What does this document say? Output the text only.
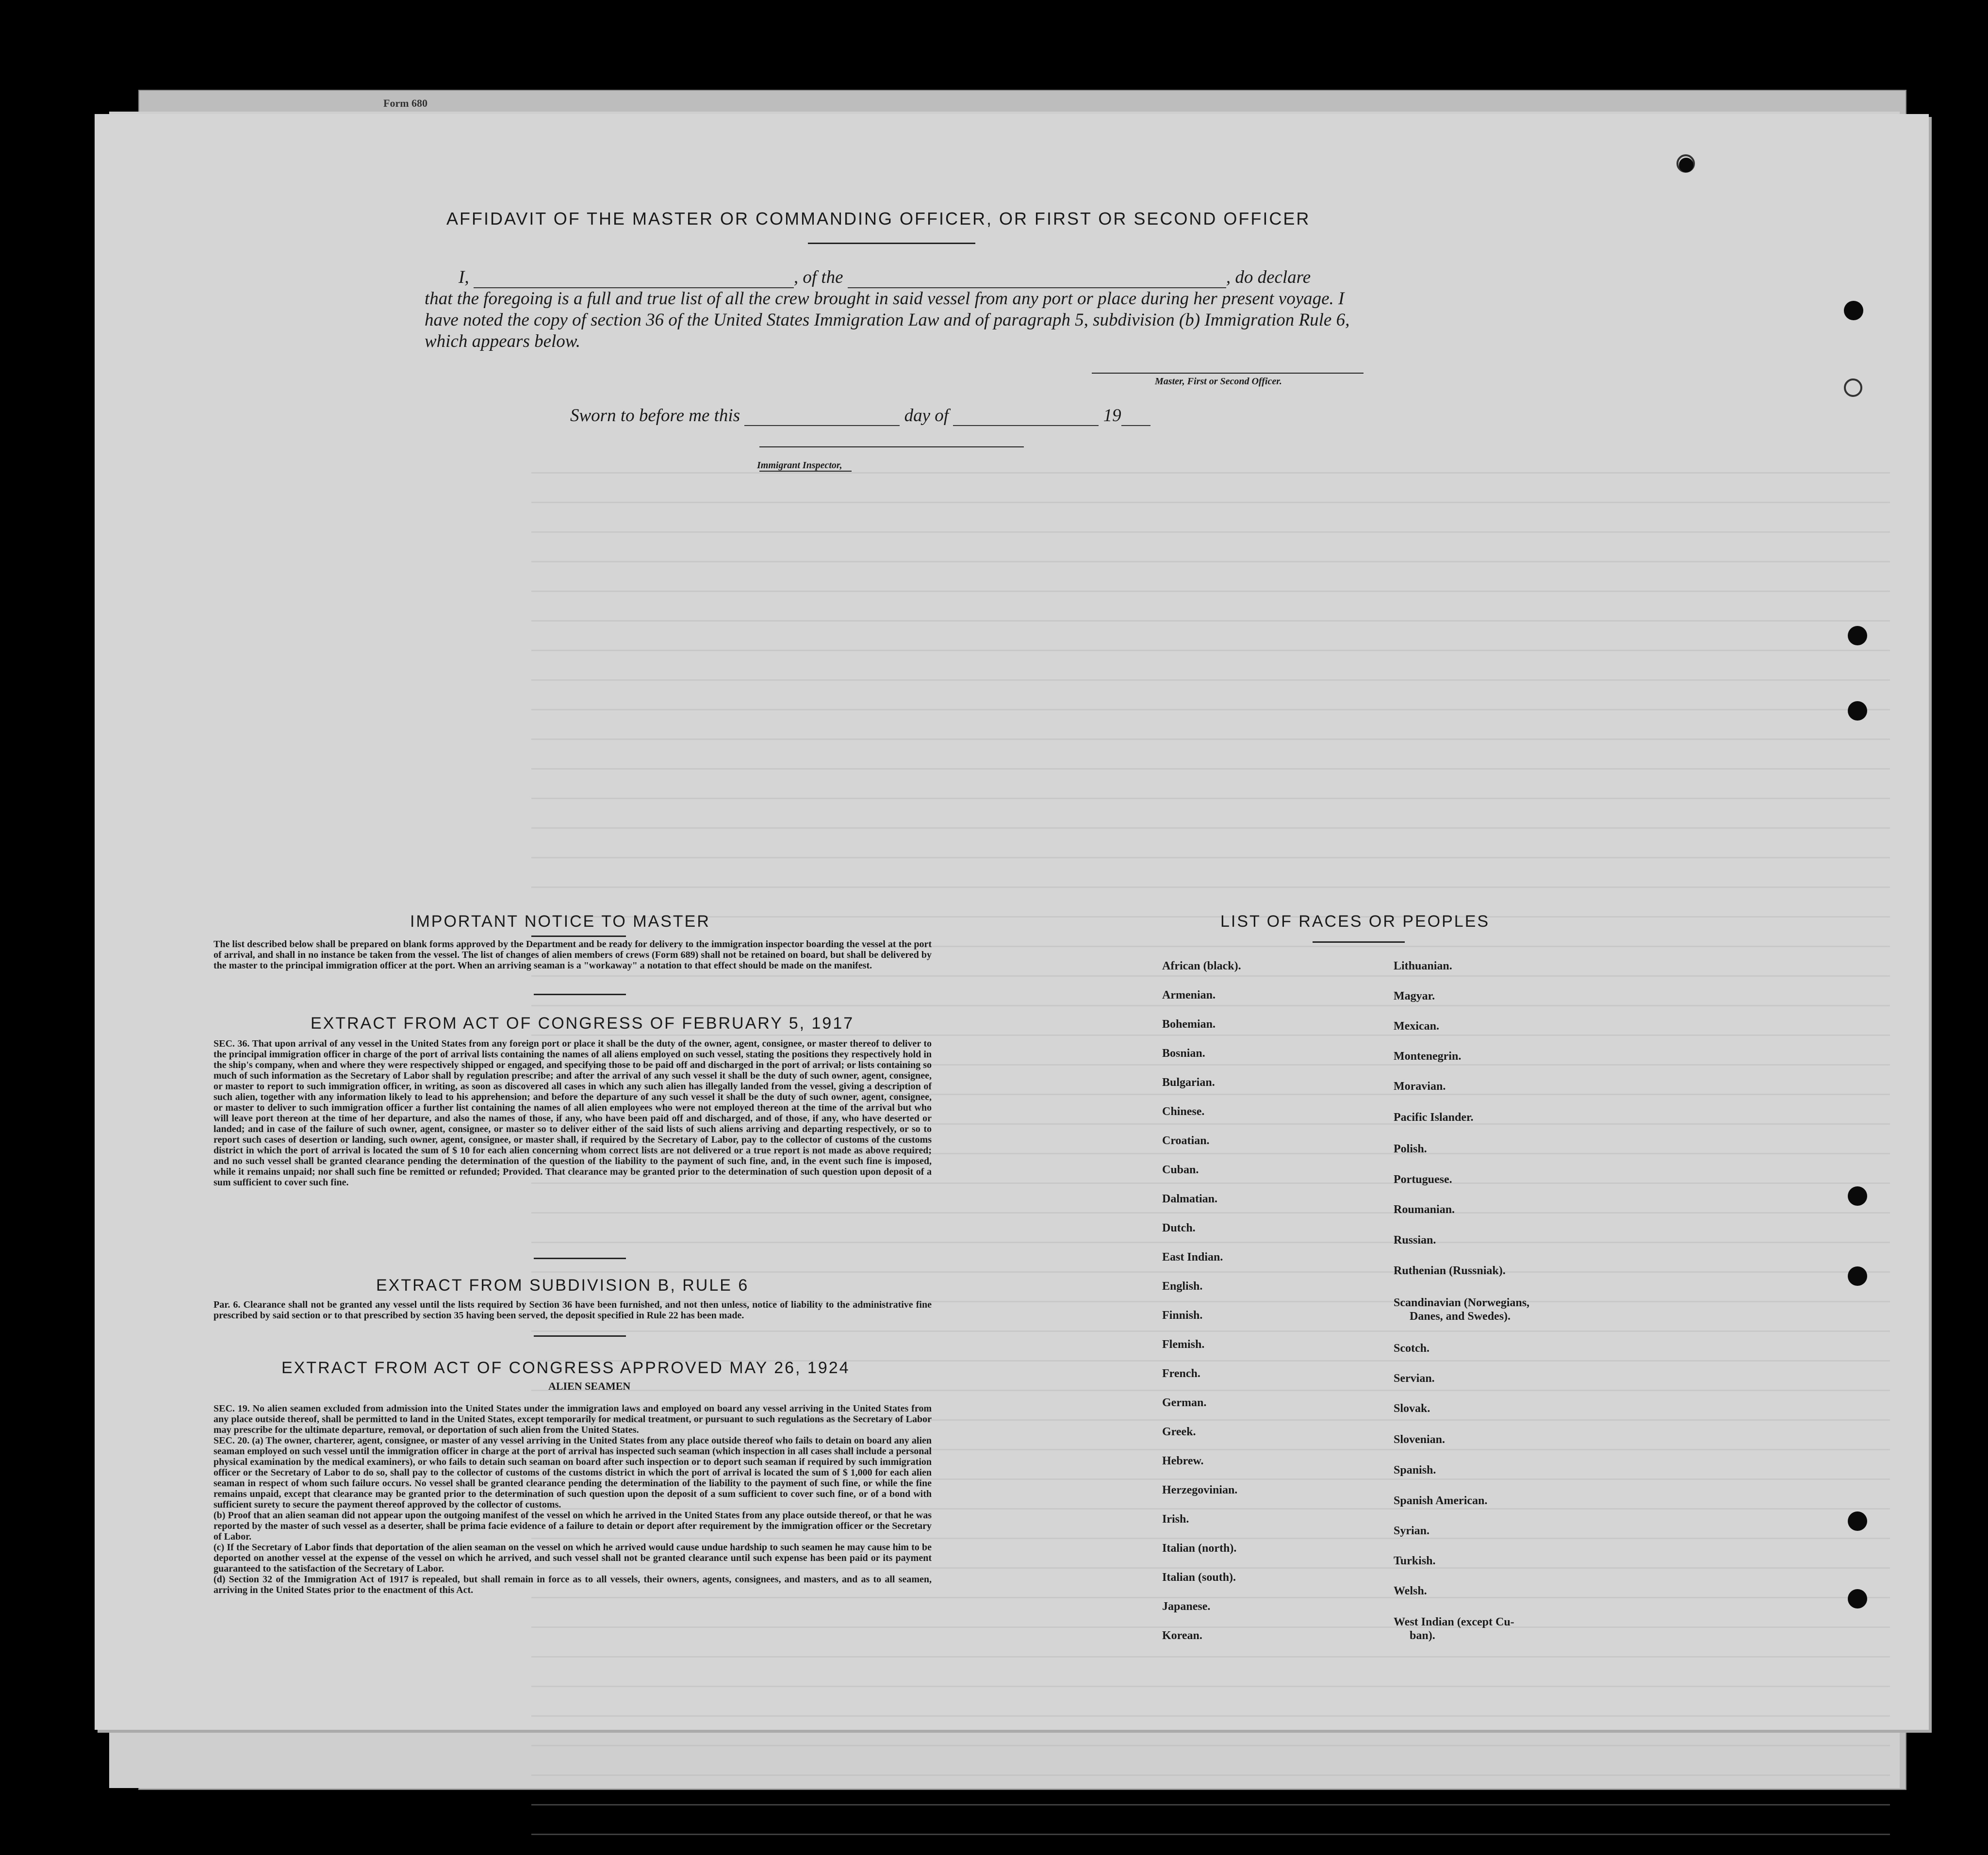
Form 680
AFFIDAVIT OF THE MASTER OR COMMANDING OFFICER, OR FIRST OR SECOND OFFICER
I,	, of the	, do declare
that the foregoing is a full and true list of all the crew brought in said vessel from any port or place during her present voyage. I have noted the copy of section 36 of the United States Immigration Law and of paragraph 5, subdivision (b) Immigration Rule 6, which appears below.
Master, First or Second Officer.
Sworn to before me this	day of	19
Immigrant Inspector,
IMPORTANT NOTICE TO MASTER
The list described below shall be prepared on blank forms approved by the Department and be ready for delivery to the immigration inspector boarding the vessel at the port of arrival, and shall in no instance be taken from the vessel. The list of changes of alien members of crews (Form 689) shall not be retained on board, but shall be delivered by the master to the principal immigration officer at the port. When an arriving seaman is a "workaway" a notation to that effect should be made on the manifest.
EXTRACT FROM ACT OF CONGRESS OF FEBRUARY 5, 1917
SEC. 36. That upon arrival of any vessel in the United States from any foreign port or place it shall be the duty of the owner, agent, consignee, or master thereof to deliver to the principal immigration officer in charge of the port of arrival lists containing the names of all aliens employed on such vessel, stating the positions they respectively hold in the ship's company, when and where they were respectively shipped or engaged, and specifying those to be paid off and discharged in the port of arrival; or lists containing so much of such information as the Secretary of Labor shall by regulation prescribe; and after the arrival of any such vessel it shall be the duty of such owner, agent, consignee, or master to report to such immigration officer, in writing, as soon as discovered all cases in which any such alien has illegally landed from the vessel, giving a description of such alien, together with any information likely to lead to his apprehension; and before the departure of any such vessel it shall be the duty of such owner, agent, consignee, or master to deliver to such immigration officer a further list containing the names of all alien employees who were not employed thereon at the time of the arrival but who will leave port thereon at the time of her departure, and also the names of those, if any, who have been paid off and discharged, and of those, if any, who have deserted or landed; and in case of the failure of such owner, agent, consignee, or master so to deliver either of the said lists of such aliens arriving and departing respectively, or so to report such cases of desertion or landing, such owner, agent, consignee, or master shall, if required by the Secretary of Labor, pay to the collector of customs of the customs district in which the port of arrival is located the sum of $ 10 for each alien concerning whom correct lists are not delivered or a true report is not made as above required; and no such vessel shall be granted clearance pending the determination of the question of the liability to the payment of such fine, and, in the event such fine is imposed, while it remains unpaid; nor shall such fine be remitted or refunded; Provided. That clearance may be granted prior to the determination of such question upon deposit of a sum sufficient to cover such fine.
EXTRACT FROM SUBDIVISION B, RULE 6
Par. 6. Clearance shall not be granted any vessel until the lists required by Section 36 have been furnished, and not then unless, notice of liability to the administrative fine prescribed by said section or to that prescribed by section 35 having been served, the deposit specified in Rule 22 has been made.
EXTRACT FROM ACT OF CONGRESS APPROVED MAY 26, 1924
ALIEN SEAMEN
SEC. 19. No alien seamen excluded from admission into the United States under the immigration laws and employed on board any vessel arriving in the United States from any place outside thereof, shall be permitted to land in the United States, except temporarily for medical treatment, or pursuant to such regulations as the Secretary of Labor may prescribe for the ultimate departure, removal, or deportation of such alien from the United States.
SEC. 20. (a) The owner, charterer, agent, consignee, or master of any vessel arriving in the United States from any place outside thereof who fails to detain on board any alien seaman employed on such vessel until the immigration officer in charge at the port of arrival has inspected such seaman (which inspection in all cases shall include a personal physical examination by the medical examiners), or who fails to detain such seaman on board after such inspection or to deport such seaman if required by such immigration officer or the Secretary of Labor to do so, shall pay to the collector of customs of the customs district in which the port of arrival is located the sum of $ 1,000 for each alien seaman in respect of whom such failure occurs. No vessel shall be granted clearance pending the determination of the liability to the payment of such fine, or while the fine remains unpaid, except that clearance may be granted prior to the determination of such question upon the deposit of a sum sufficient to cover such fine, or of a bond with sufficient surety to secure the payment thereof approved by the collector of customs.
(b) Proof that an alien seaman did not appear upon the outgoing manifest of the vessel on which he arrived in the United States from any place outside thereof, or that he was reported by the master of such vessel as a deserter, shall be prima facie evidence of a failure to detain or deport after requirement by the immigration officer or the Secretary of Labor.
(c) If the Secretary of Labor finds that deportation of the alien seaman on the vessel on which he arrived would cause undue hardship to such seamen he may cause him to be deported on another vessel at the expense of the vessel on which he arrived, and such vessel shall not be granted clearance until such expense has been paid or its payment guaranteed to the satisfaction of the Secretary of Labor.
(d) Section 32 of the Immigration Act of 1917 is repealed, but shall remain in force as to all vessels, their owners, agents, consignees, and masters, and as to all seamen, arriving in the United States prior to the enactment of this Act.
LIST OF RACES OR PEOPLES
African (black).
Armenian.
Bohemian.
Bosnian.
Bulgarian.
Chinese.
Croatian.
Cuban.
Dalmatian.
Dutch.
East Indian.
English.
Finnish.
Flemish.
French.
German.
Greek.
Hebrew.
Herzegovinian.
Irish.
Italian (north).
Italian (south).
Japanese.
Korean.
Lithuanian.
Magyar.
Mexican.
Montenegrin.
Moravian.
Pacific Islander.
Polish.
Portuguese.
Roumanian.
Russian.
Ruthenian (Russniak).
Scandinavian (Norwegians,
Danes, and Swedes).
Scotch.
Servian.
Slovak.
Slovenian.
Spanish.
Spanish American.
Syrian.
Turkish.
Welsh.
West Indian (except Cu-
ban).
